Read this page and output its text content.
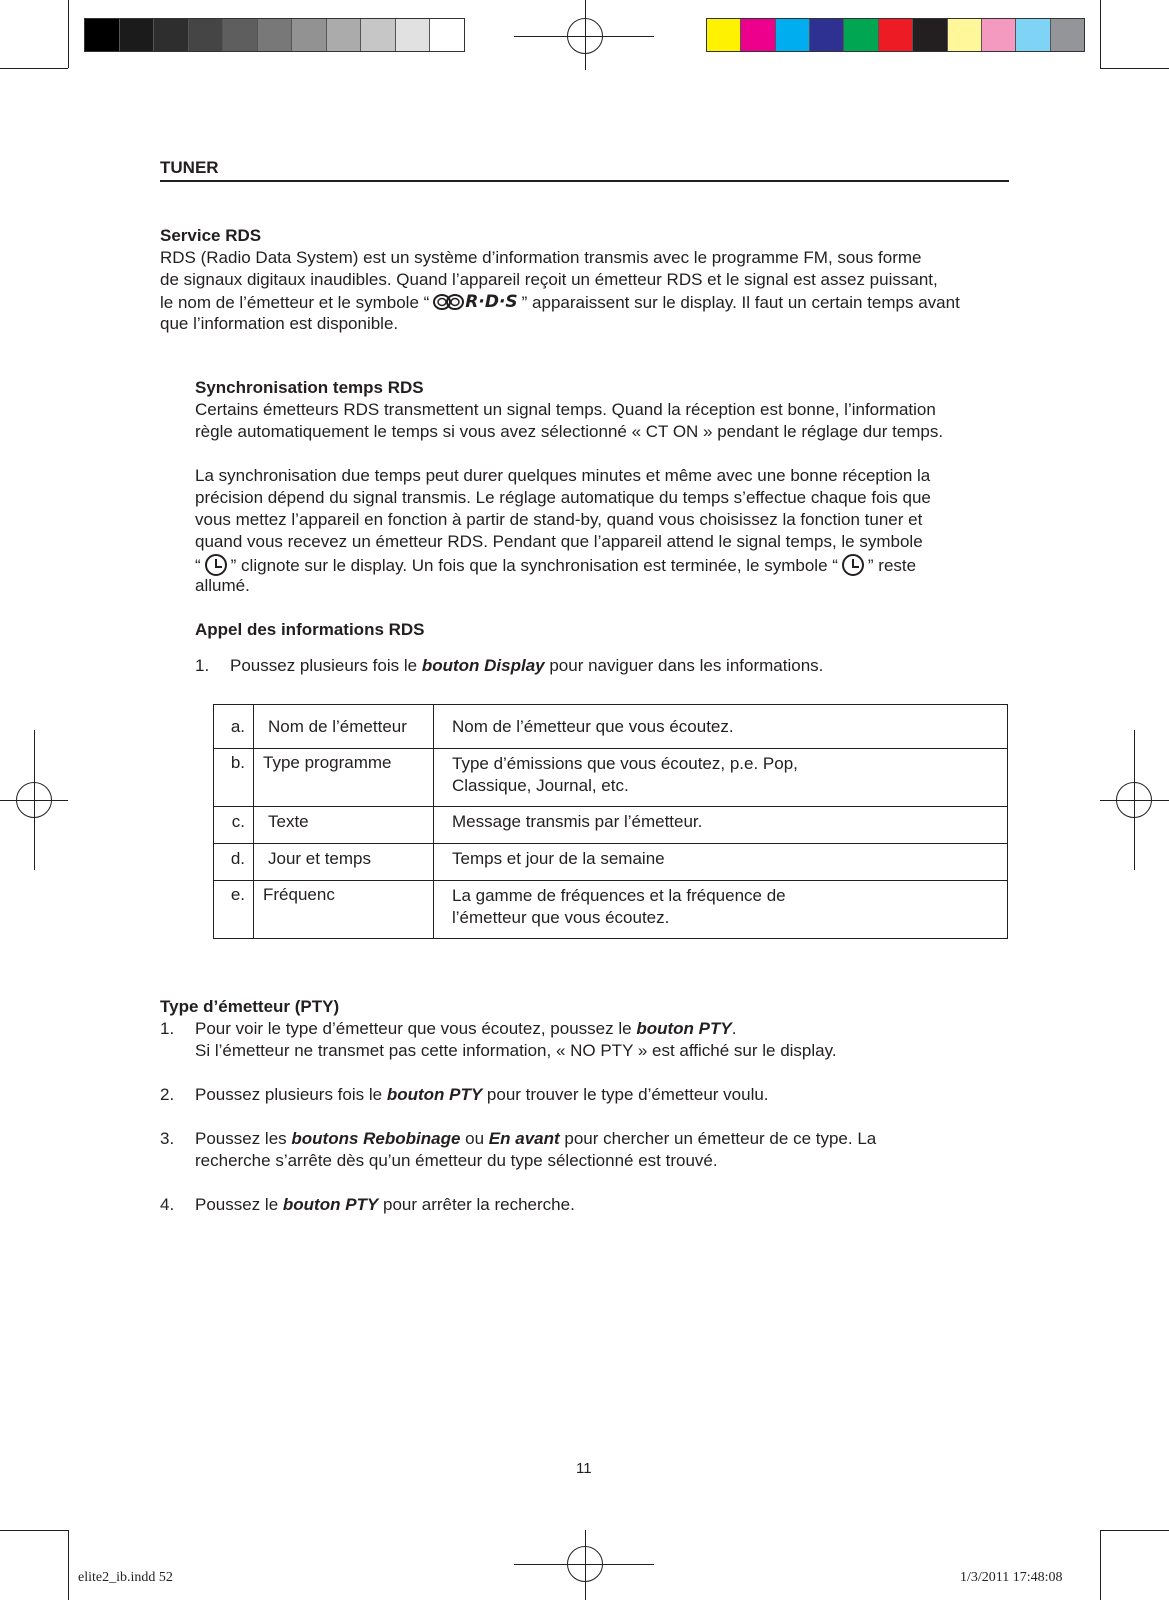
TUNER
Service RDS
RDS (Radio Data System) est un système d’information transmis avec le programme FM, sous forme
de signaux digitaux inaudibles. Quand l’appareil reçoit un émetteur RDS et le signal est assez puissant,
le nom de l’émetteur et le symbole “ R·D·S ” apparaissent sur le display. Il faut un certain temps avant
que l’information est disponible.
Synchronisation temps RDS
Certains émetteurs RDS transmettent un signal temps. Quand la réception est bonne, l’information
règle automatiquement le temps si vous avez sélectionné « CT ON » pendant le réglage dur temps.
La synchronisation due temps peut durer quelques minutes et même avec une bonne réception la
précision dépend du signal transmis. Le réglage automatique du temps s’effectue chaque fois que
vous mettez l’appareil en fonction à partir de stand-by, quand vous choisissez la fonction tuner et
quand vous recevez un émetteur RDS. Pendant que l’appareil attend le signal temps, le symbole
“ ” clignote sur le display. Un fois que la synchronisation est terminée, le symbole “ ” reste
allumé.
Appel des informations RDS
1. Poussez plusieurs fois le bouton Display pour naviguer dans les informations.
a.	Nom de l’émetteur	Nom de l’émetteur que vous écoutez.
b.	Type programme	Type d’émissions que vous écoutez, p.e. Pop,
Classique, Journal, etc.

c.	Texte	Message transmis par l’émetteur.
d.	Jour et temps	Temps et jour de la semaine
e.	Fréquenc	La gamme de fréquences et la fréquence de
l’émetteur que vous écoutez.
Type d’émetteur (PTY)
1. Pour voir le type d’émetteur que vous écoutez, poussez le bouton PTY.
Si l’émetteur ne transmet pas cette information, « NO PTY » est affiché sur le display.
2. Poussez plusieurs fois le bouton PTY pour trouver le type d’émetteur voulu.
3. Poussez les boutons Rebobinage ou En avant pour chercher un émetteur de ce type. La
recherche s’arrête dès qu’un émetteur du type sélectionné est trouvé.
4. Poussez le bouton PTY pour arrêter la recherche.
11
elite2_ib.indd 52	1/3/2011 17:48:08
